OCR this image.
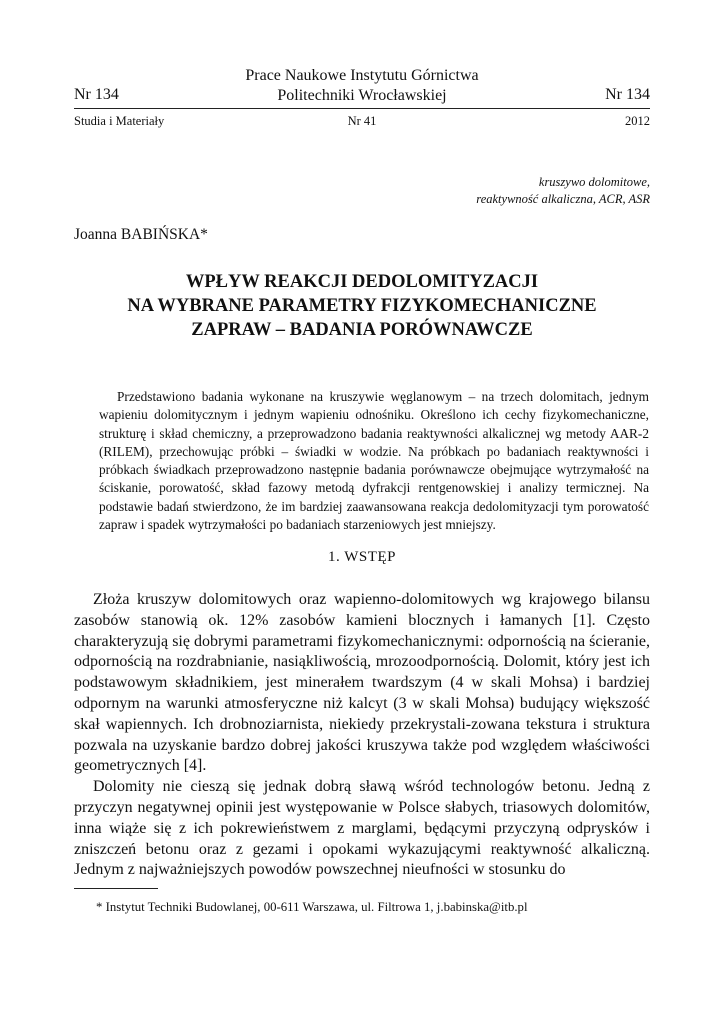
Prace Naukowe Instytutu Górnictwa
Politechniki Wrocławskiej
Nr 134	Nr 134
Studia i Materiały	Nr 41	2012
kruszywo dolomitowe,
reaktywność alkaliczna, ACR, ASR
Joanna BABIŃSKA*
WPŁYW REAKCJI DEDOLOMITYZACJI
NA WYBRANE PARAMETRY FIZYKOMECHANICZNE
ZAPRAW – BADANIA PORÓWNAWCZE
Przedstawiono badania wykonane na kruszywie węglanowym – na trzech dolomitach, jednym wapieniu dolomitycznym i jednym wapieniu odnośniku. Określono ich cechy fizykomechaniczne, strukturę i skład chemiczny, a przeprowadzono badania reaktywności alkalicznej wg metody AAR-2 (RILEM), przechowując próbki – świadki w wodzie. Na próbkach po badaniach reaktywności i próbkach świadkach przeprowadzono następnie badania porównawcze obejmujące wytrzymałość na ściskanie, porowatość, skład fazowy metodą dyfrakcji rentgenowskiej i analizy termicznej. Na podstawie badań stwierdzono, że im bardziej zaawansowana reakcja dedolomityzacji tym porowatość zapraw i spadek wytrzymałości po badaniach starzeniowych jest mniejszy.
1. WSTĘP

Złoża kruszyw dolomitowych oraz wapienno-dolomitowych wg krajowego bilansu zasobów stanowią ok. 12% zasobów kamieni blocznych i łamanych [1]. Często charakteryzują się dobrymi parametrami fizykomechanicznymi: odpornością na ścieranie, odpornością na rozdrabnianie, nasiąkliwością, mrozoodpornością. Dolomit, który jest ich podstawowym składnikiem, jest minerałem twardszym (4 w skali Mohsa) i bardziej odpornym na warunki atmosferyczne niż kalcyt (3 w skali Mohsa) budujący większość skał wapiennych. Ich drobnoziarnista, niekiedy przekrystali-zowana tekstura i struktura pozwala na uzyskanie bardzo dobrej jakości kruszywa także pod względem właściwości geometrycznych [4].

Dolomity nie cieszą się jednak dobrą sławą wśród technologów betonu. Jedną z przyczyn negatywnej opinii jest występowanie w Polsce słabych, triasowych dolomitów, inna wiąże się z ich pokrewieństwem z marglami, będącymi przyczyną odprysków i zniszczeń betonu oraz z gezami i opokami wykazującymi reaktywność alkaliczną. Jednym z najważniejszych powodów powszechnej nieufności w stosunku do

* Instytut Techniki Budowlanej, 00-611 Warszawa, ul. Filtrowa 1, j.babinska@itb.pl
